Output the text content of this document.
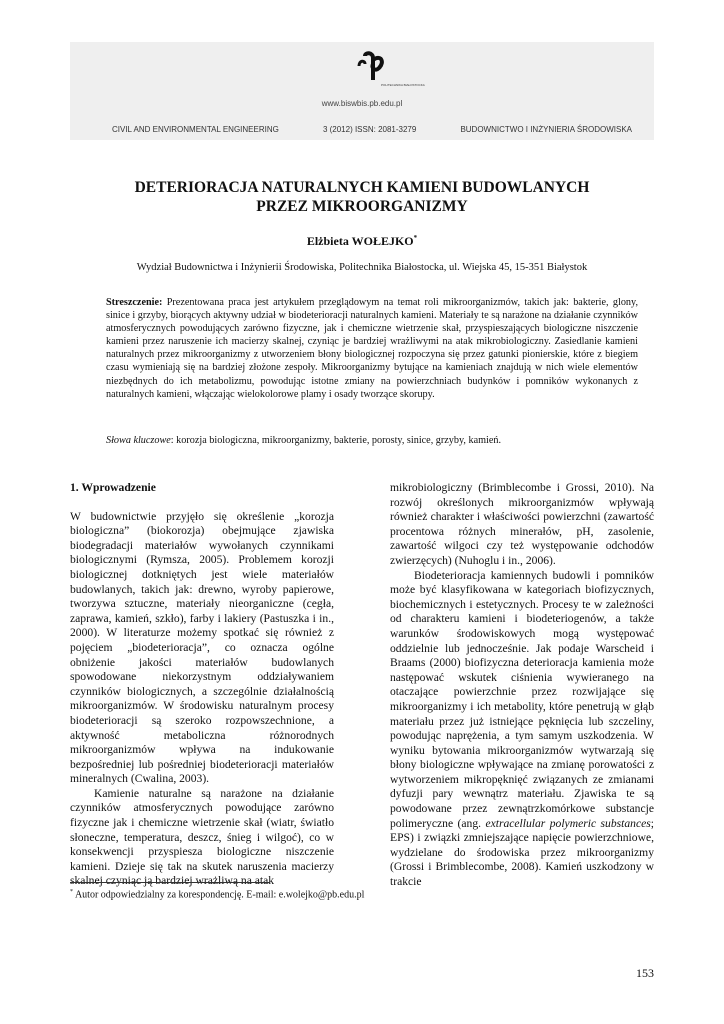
POLITECHNIKA BIAŁOSTOCKA
www.biswbis.pb.edu.pl
CIVIL AND ENVIRONMENTAL ENGINEERING	3 (2012) ISSN: 2081-3279	BUDOWNICTWO I INŻYNIERIA ŚRODOWISKA
DETERIORACJA NATURALNYCH KAMIENI BUDOWLANYCH
PRZEZ MIKROORGANIZMY
Elżbieta WOŁEJKO*
Wydział Budownictwa i Inżynierii Środowiska, Politechnika Białostocka, ul. Wiejska 45, 15-351 Białystok
Streszczenie: Prezentowana praca jest artykułem przeglądowym na temat roli mikroorganizmów, takich jak: bakterie, glony, sinice i grzyby, biorących aktywny udział w biodeterioracji naturalnych kamieni. Materiały te są narażone na działanie czynników atmosferycznych powodujących zarówno fizyczne, jak i chemiczne wietrzenie skał, przyspieszających biologiczne niszczenie kamieni przez naruszenie ich macierzy skalnej, czyniąc je bardziej wrażliwymi na atak mikrobiologiczny. Zasiedlanie kamieni naturalnych przez mikroorganizmy z utworzeniem błony biologicznej rozpoczyna się przez gatunki pionierskie, które z biegiem czasu wymieniają się na bardziej złożone zespoły. Mikroorganizmy bytujące na kamieniach znajdują w nich wiele elementów niezbędnych do ich metabolizmu, powodując istotne zmiany na powierzchniach budynków i pomników wykonanych z naturalnych kamieni, włączając wielokolorowe plamy i osady tworzące skorupy.
Słowa kluczowe: korozja biologiczna, mikroorganizmy, bakterie, porosty, sinice, grzyby, kamień.

1. Wprowadzenie

W budownictwie przyjęło się określenie „korozja biologiczna” (biokorozja) obejmujące zjawiska biodegradacji materiałów wywołanych czynnikami biologicznymi (Rymsza, 2005). Problemem korozji biologicznej dotkniętych jest wiele materiałów budowlanych, takich jak: drewno, wyroby papierowe, tworzywa sztuczne, materiały nieorganiczne (cegła, zaprawa, kamień, szkło), farby i lakiery (Pastuszka i in., 2000). W literaturze możemy spotkać się również z pojęciem „biodeterioracja”, co oznacza ogólne obniżenie jakości materiałów budowlanych spowodowane niekorzystnym oddziaływaniem czynników biologicznych, a szczególnie działalnością mikroorganizmów. W środowisku naturalnym procesy biodeterioracji są szeroko rozpowszechnione, a aktywność metaboliczna różnorodnych mikroorganizmów wpływa na indukowanie bezpośredniej lub pośredniej biodeterioracji materiałów mineralnych (Cwalina, 2003).

Kamienie naturalne są narażone na działanie czynników atmosferycznych powodujące zarówno fizyczne jak i chemiczne wietrzenie skał (wiatr, światło słoneczne, temperatura, deszcz, śnieg i wilgoć), co w konsekwencji przyspiesza biologiczne niszczenie kamieni. Dzieje się tak na skutek naruszenia macierzy skalnej czyniąc ją bardziej wrażliwą na atak

mikrobiologiczny (Brimblecombe i Grossi, 2010). Na rozwój określonych mikroorganizmów wpływają również charakter i właściwości powierzchni (zawartość procentowa różnych minerałów, pH, zasolenie, zawartość wilgoci czy też występowanie odchodów zwierzęcych) (Nuhoglu i in., 2006).

Biodeterioracja kamiennych budowli i pomników może być klasyfikowana w kategoriach biofizycznych, biochemicznych i estetycznych. Procesy te w zależności od charakteru kamieni i biodeteriogenów, a także warunków środowiskowych mogą występować oddzielnie lub jednocześnie. Jak podaje Warscheid i Braams (2000) biofizyczna deterioracja kamienia może następować wskutek ciśnienia wywieranego na otaczające powierzchnie przez rozwijające się mikroorganizmy i ich metabolity, które penetrują w głąb materiału przez już istniejące pęknięcia lub szczeliny, powodując naprężenia, a tym samym uszkodzenia. W wyniku bytowania mikroorganizmów wytwarzają się błony biologiczne wpływające na zmianę porowatości z wytworzeniem mikropęknięć związanych ze zmianami dyfuzji pary wewnątrz materiału. Zjawiska te są powodowane przez zewnątrzkomórkowe substancje polimeryczne (ang. extracellular polymeric substances; EPS) i związki zmniejszające napięcie powierzchniowe, wydzielane do środowiska przez mikroorganizmy (Grossi i Brimblecombe, 2008). Kamień uszkodzony w trakcie

* Autor odpowiedzialny za korespondencję. E-mail: e.wolejko@pb.edu.pl
153
